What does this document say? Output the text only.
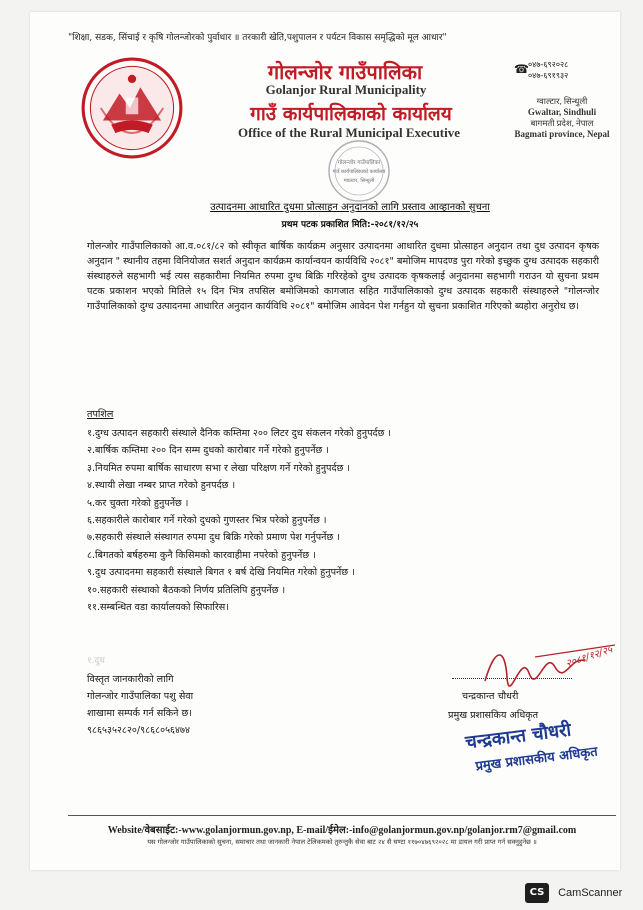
"शिक्षा, सडक, सिंचाई र कृषि गोलन्जोरको पुर्वाधार ॥ तरकारी खेति,पशुपालन र पर्यटन विकास समृद्धिको मूल आधार"
गोलन्जोर गाउँपालिका
Golanjor Rural Municipality
गाउँ कार्यपालिकाको कार्यालय
Office of the Rural Municipal Executive
☎ ०४७-६९२०२८
०४७-६९१९३२
ग्वाल्टार, सिन्धुली
Gwaltar, Sindhuli
बागमती प्रदेश, नेपाल
Bagmati province, Nepal
गोलन्जोर गाउँपालिका
गाउँ कार्यपालिकाको कार्यालय
ग्वाल्टार, सिन्धुली
उत्पादनमा आधारित दुधमा प्रोत्साहन अनुदानको लागि प्रस्ताव आव्हानको सुचना
प्रथम पटक प्रकाशित मिति:-२०८१/१२/२५
गोलन्जोर गाउँपालिकाको आ.व.०८१/८२ को स्वीकृत बार्षिक कार्यक्रम अनुसार उत्पादनमा आधारित दुधमा प्रोत्साहन अनुदान तथा दुध उत्पादन कृषक अनुदान " स्थानीय तहमा विनियोजत सशर्त अनुदान कार्यक्रम कार्यान्वयन कार्यविधि २०८१" बमोजिम मापदण्ड पुरा गरेको इच्छुक दुग्ध उत्पादक सहकारी संस्थाहरुले सहभागी भई त्यस सहकारीमा नियमित रुपमा दुग्ध बिक्रि गरिरहेको दुग्ध उत्पादक कृषकलाई अनुदानमा सहभागी गराउन यो सुचना प्रथम पटक प्रकाशन भएको मितिले १५ दिन भित्र तपसिल बमोजिमको कागजात सहित गाउँपालिकाको दुग्ध उत्पादक सहकारी संस्थाहरुले "गोलन्जोर गाउँपालिकाको दुग्ध उत्पादनमा आधारित अनुदान कार्यविधि २०८१" बमोजिम आवेदन पेश गर्नहुन यो सुचना प्रकाशित गरिएको ब्यहोरा अनुरोध छ।
तपशिल
१.दुग्ध उत्पादन सहकारी संस्थाले दैनिक कम्तिमा २०० लिटर दुध संकलन गरेको हुनुपर्दछ ।
२.बार्षिक कम्तिमा २०० दिन सम्म दुधको कारोबार गर्ने गरेको हुनुपर्नेछ ।
३.नियमित रुपमा बार्षिक साधारण सभा र लेखा परिक्षण गर्ने गरेको हुनुपर्दछ ।
४.स्थायी लेखा नम्बर प्राप्त गरेको हुनपर्दछ ।
५.कर चुक्ता गरेको हुनुपर्नेछ ।
६.सहकारीले कारोबार गर्ने गरेको दुधको गुणस्तर भित्र परेको हुनुपर्नेछ ।
७.सहकारी संस्थाले संस्थागत रुपमा दुध बिक्रि गरेको प्रमाण पेश गर्नुपर्नेछ ।
८.बिगतको बर्षहरुमा कुनै किसिमको कारवाहीमा नपरेको हुनुपर्नेछ ।
९.दुध उत्पादनमा सहकारी संस्थाले बिगत १ बर्ष देखि नियमित गरेको हुनुपर्नेछ ।
१०.सहकारी संस्थाको बैठकको निर्णय प्रतिलिपि हुनुपर्नेछ ।
११.सम्बन्धित वडा कार्यालयको सिफारिस।
१.दुध
विस्तृत जानकारीको लागि
गोलन्जोर गाउँपालिका पशु सेवा
शाखामा सम्पर्क गर्न सकिने छ।
९८६५३५२८२०/९८६८०५६४७४
२०८१/१२/२५
चन्द्रकान्त चौधरी
प्रमुख प्रशासकिय अधिकृत
चन्द्रकान्त चौधरी
प्रमुख प्रशासकीय अधिकृत
Website/वेबसाईट:-www.golanjormun.gov.np, E-mail/ईमेल:-info@golanjormun.gov.np/golanjor.rm7@gmail.com
यस गोलन्जोर गाउँपालिकाको सुचना, समाचार तथा जानकारी नेपाल टेलिकमको तुरुन्तुकै सेवा बाट २४ सै घण्टा ११७०४७६९२०२८ मा डायल गरी प्राप्त गर्न सक्नुहुनेछ ॥
CS CamScanner
